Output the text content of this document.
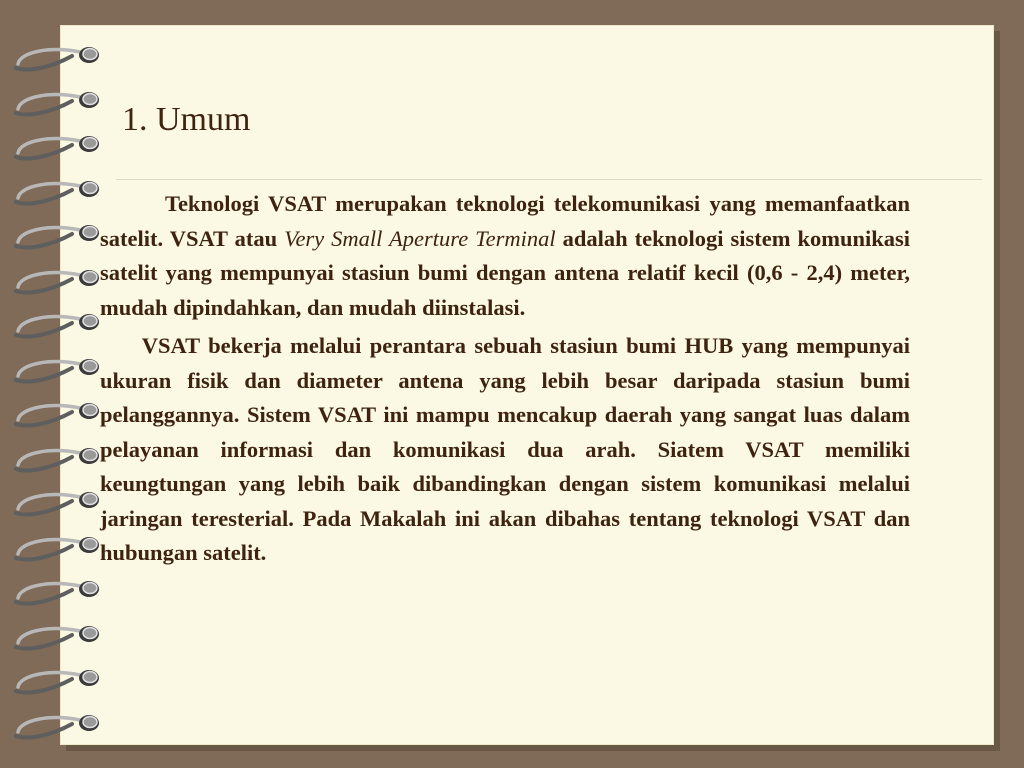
1. Umum

Teknologi VSAT merupakan teknologi telekomunikasi yang memanfaatkan satelit. VSAT atau Very Small Aperture Terminal adalah teknologi sistem komunikasi satelit yang mempunyai stasiun bumi dengan antena relatif kecil (0,6 - 2,4) meter, mudah dipindahkan, dan mudah diinstalasi.

VSAT bekerja melalui perantara sebuah stasiun bumi HUB yang mempunyai ukuran fisik dan diameter antena yang lebih besar daripada stasiun bumi pelanggannya. Sistem VSAT ini mampu mencakup daerah yang sangat luas dalam pelayanan informasi dan komunikasi dua arah. Siatem VSAT memiliki keungtungan yang lebih baik dibandingkan dengan sistem komunikasi melalui jaringan teresterial. Pada Makalah ini akan dibahas tentang teknologi VSAT dan hubungan satelit.
